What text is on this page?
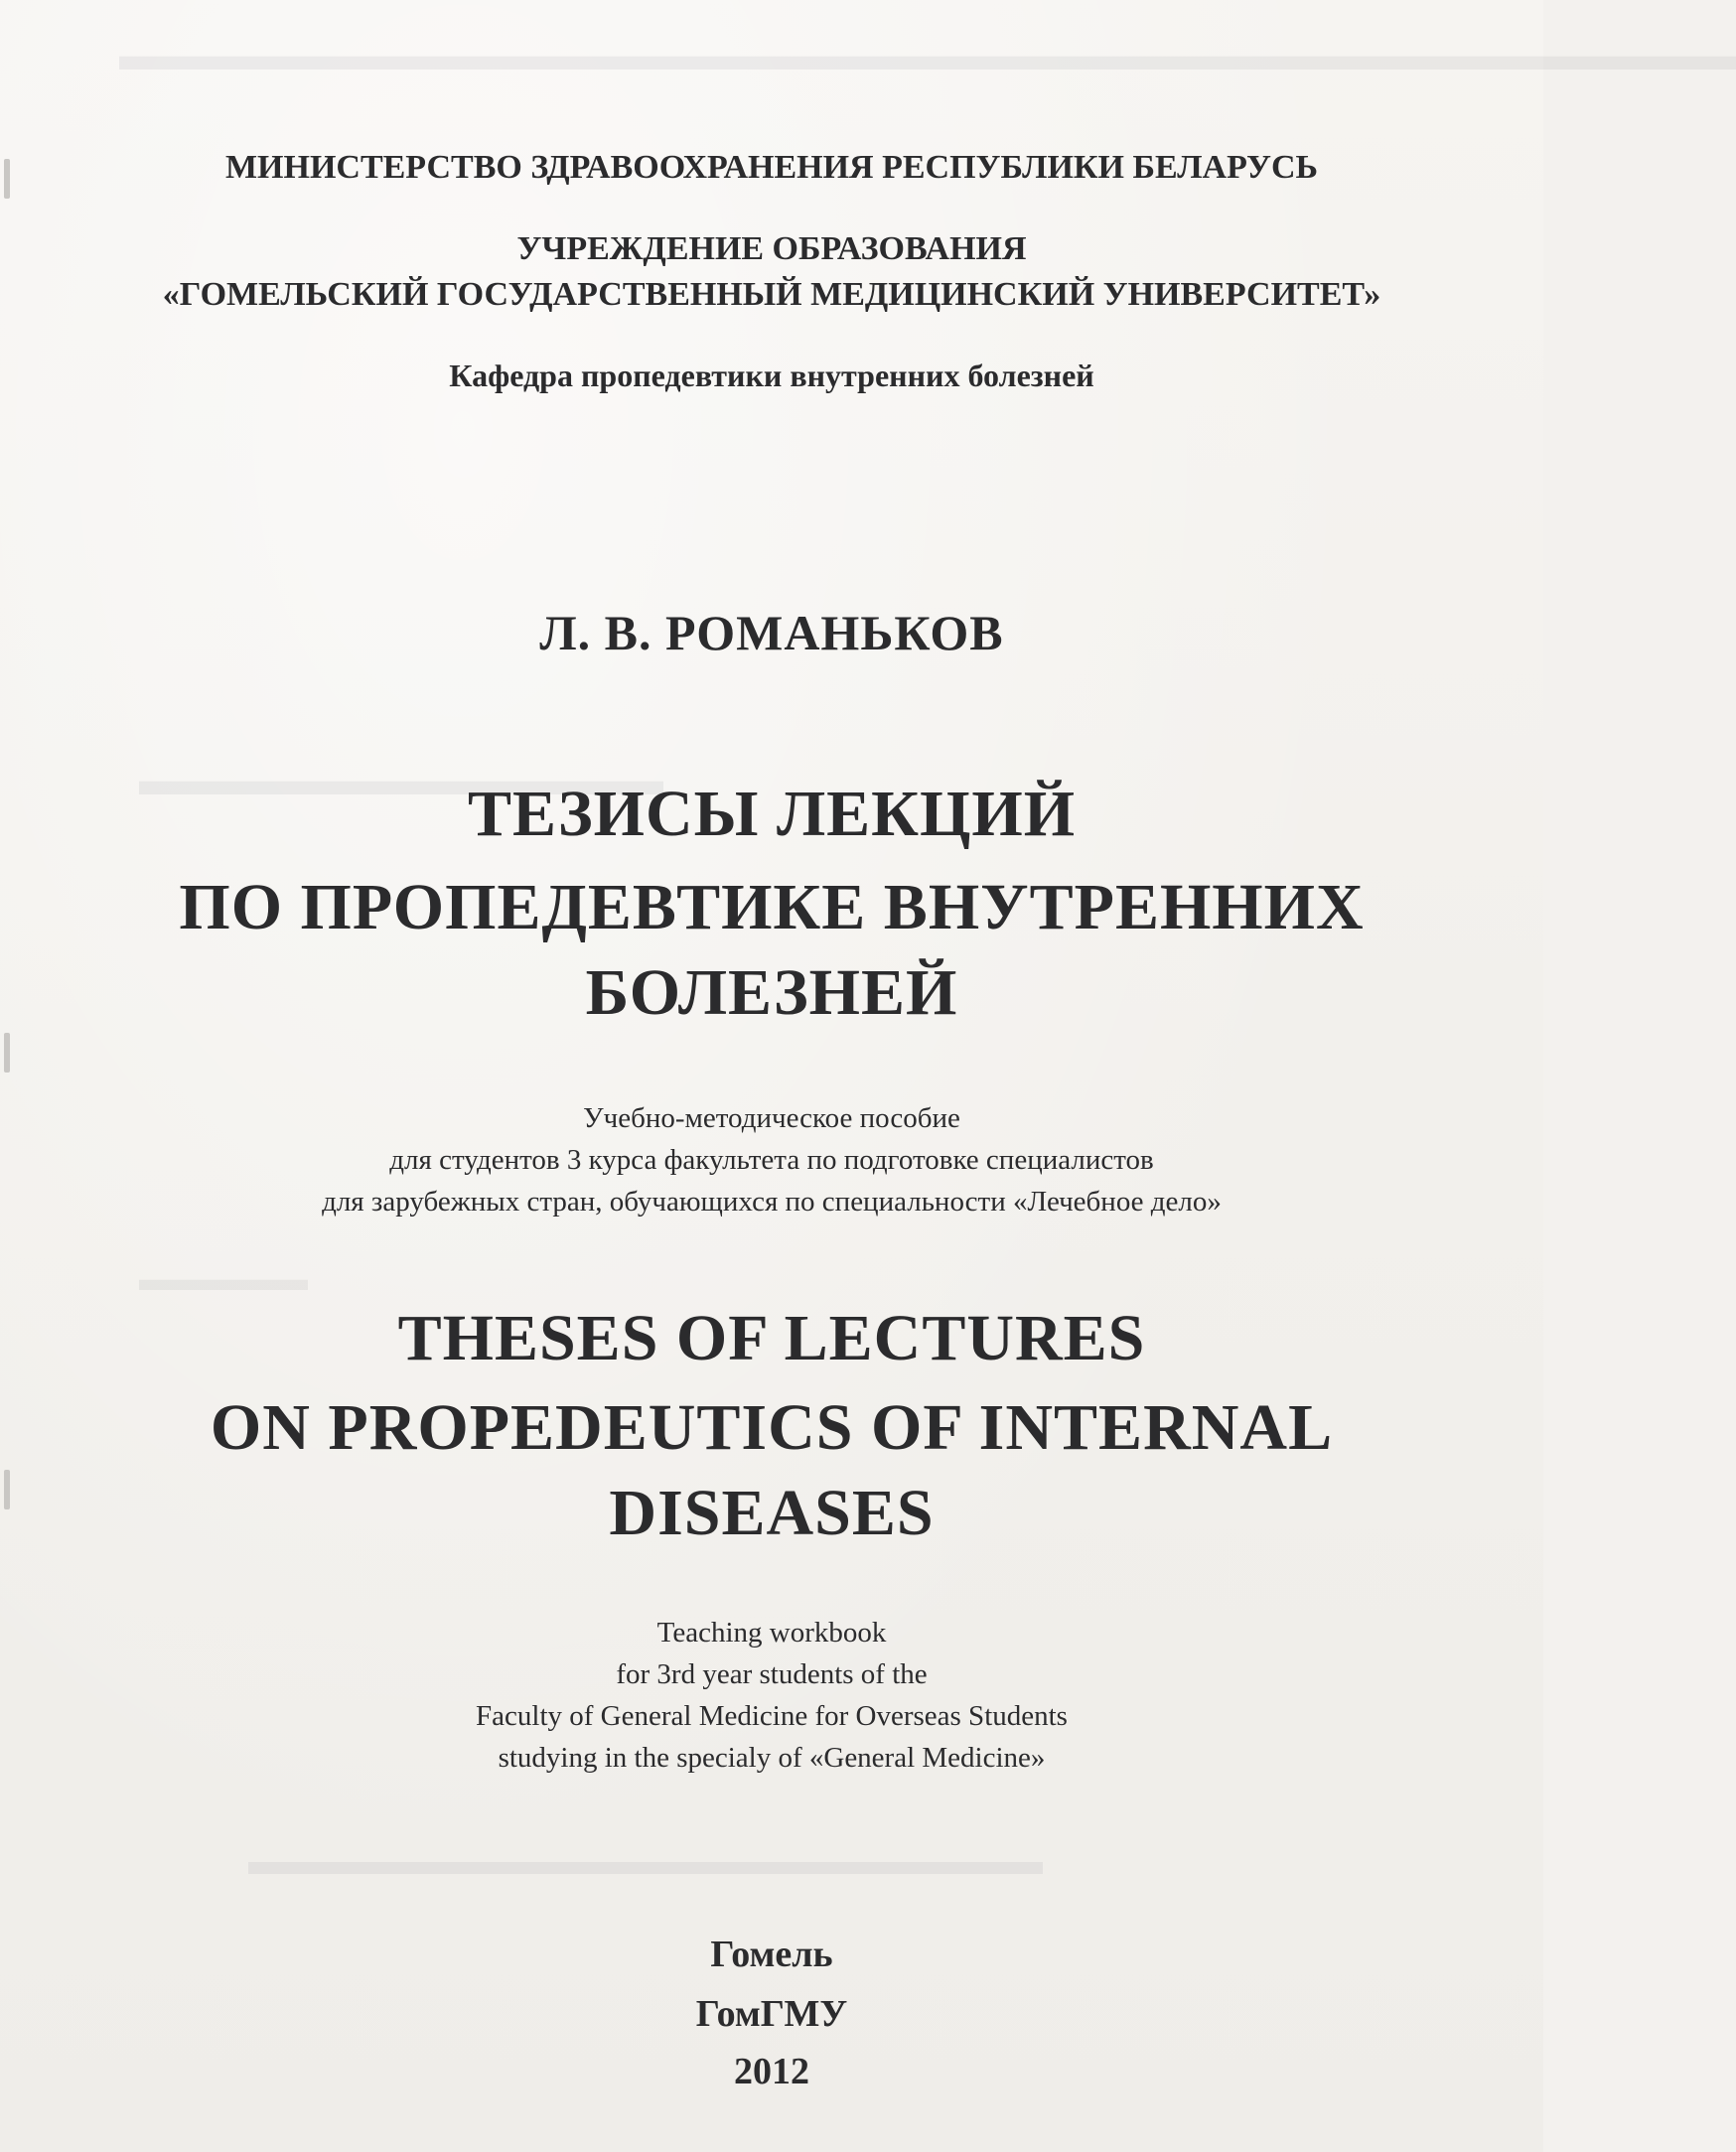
▬▬▬▬▬▬▬▬▬▬▬▬▬▬▬▬▬▬▬▬▬▬▬▬▬▬▬▬▬▬▬▬▬▬▬▬▬
▬▬▬▬▬▬▬▬▬▬▬▬
▬▬▬▬▬
▬▬▬▬▬▬▬▬▬▬▬▬▬▬▬▬▬▬▬▬
МИНИСТЕРСТВО ЗДРАВООХРАНЕНИЯ РЕСПУБЛИКИ БЕЛАРУСЬ
УЧРЕЖДЕНИЕ ОБРАЗОВАНИЯ
«ГОМЕЛЬСКИЙ ГОСУДАРСТВЕННЫЙ МЕДИЦИНСКИЙ УНИВЕРСИТЕТ»
Кафедра пропедевтики внутренних болезней
Л. В. РОМАНЬКОВ
ТЕЗИСЫ ЛЕКЦИЙ
ПО ПРОПЕДЕВТИКЕ ВНУТРЕННИХ
БОЛЕЗНЕЙ
Учебно-методическое пособие
для студентов 3 курса факультета по подготовке специалистов
для зарубежных стран, обучающихся по специальности «Лечебное дело»
THESES OF LECTURES
ON PROPEDEUTICS OF INTERNAL
DISEASES
Teaching workbook
for 3rd year students of the
Faculty of General Medicine for Overseas Students
studying in the specialy of «General Medicine»
Гомель
ГомГМУ
2012
